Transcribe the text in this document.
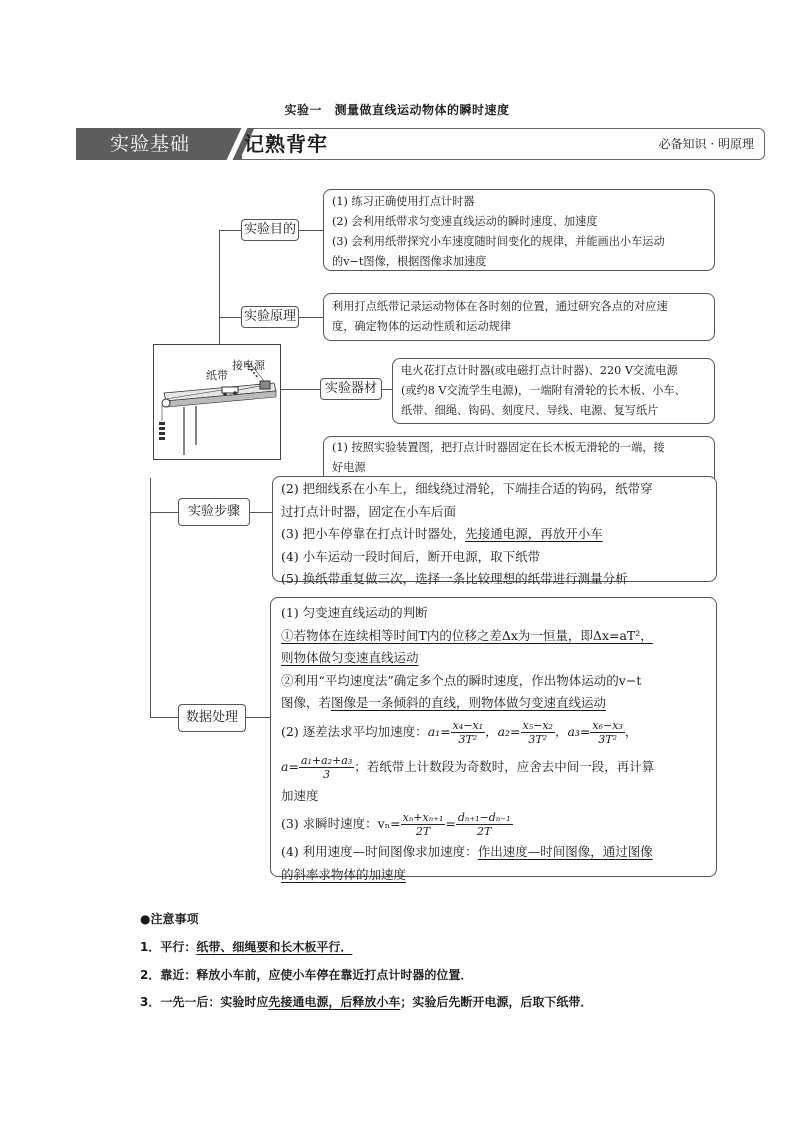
实验一　测量做直线运动物体的瞬时速度
实验基础	记熟背牢	必备知识 · 明原理
接电源
纸带
实验目的
(1) 练习正确使用打点计时器
(2) 会利用纸带求匀变速直线运动的瞬时速度、加速度
(3) 会利用纸带探究小车速度随时间变化的规律，并能画出小车运动
的v−t图像，根据图像求加速度
实验原理
利用打点纸带记录运动物体在各时刻的位置，通过研究各点的对应速
度，确定物体的运动性质和运动规律
实验器材
电火花打点计时器(或电磁打点计时器)、220 V交流电源
(或约8 V交流学生电源)，一端附有滑轮的长木板、小车、
纸带、细绳、钩码、刻度尺、导线、电源、复写纸片
(1) 按照实验装置图，把打点计时器固定在长木板无滑轮的一端，接
好电源
实验步骤
(2) 把细线系在小车上，细线绕过滑轮，下端挂合适的钩码，纸带穿
过打点计时器，固定在小车后面
(3) 把小车停靠在打点计时器处，先接通电源，再放开小车
(4) 小车运动一段时间后，断开电源，取下纸带
(5) 换纸带重复做三次，选择一条比较理想的纸带进行测量分析
数据处理
(1) 匀变速直线运动的判断
①若物体在连续相等时间T内的位移之差Δx为一恒量，即Δx=aT²，
则物体做匀变速直线运动
②利用“平均速度法”确定多个点的瞬时速度，作出物体运动的v−t
图像，若图像是一条倾斜的直线，则物体做匀变速直线运动
(2) 逐差法求平均加速度：$a_1= \frac{\text{x₄−x₁}}{\text{3T²}}$ ，$a_2= \frac{\text{x₅−x₂}}{\text{3T²}}$ ，$a_3= \frac{\text{x₆−x₃}}{\text{3T²}}$ ，
$a= \frac{\text{a₁+a₂+a₃}}{3}$ ；若纸带上计数段为奇数时，应舍去中间一段，再计算
加速度
(3) 求瞬时速度：$v_n= \frac{\text{xₙ+xₙ₊₁}}{2T} = \frac{\text{dₙ₊₁−dₙ₋₁}}{2T}$
(4) 利用速度—时间图像求加速度：作出速度—时间图像，通过图像
的斜率求物体的加速度
●注意事项
1．平行：纸带、细绳要和长木板平行．
2．靠近：释放小车前，应使小车停在靠近打点计时器的位置．
3．一先一后：实验时应先接通电源，后释放小车；实验后先断开电源，后取下纸带．
